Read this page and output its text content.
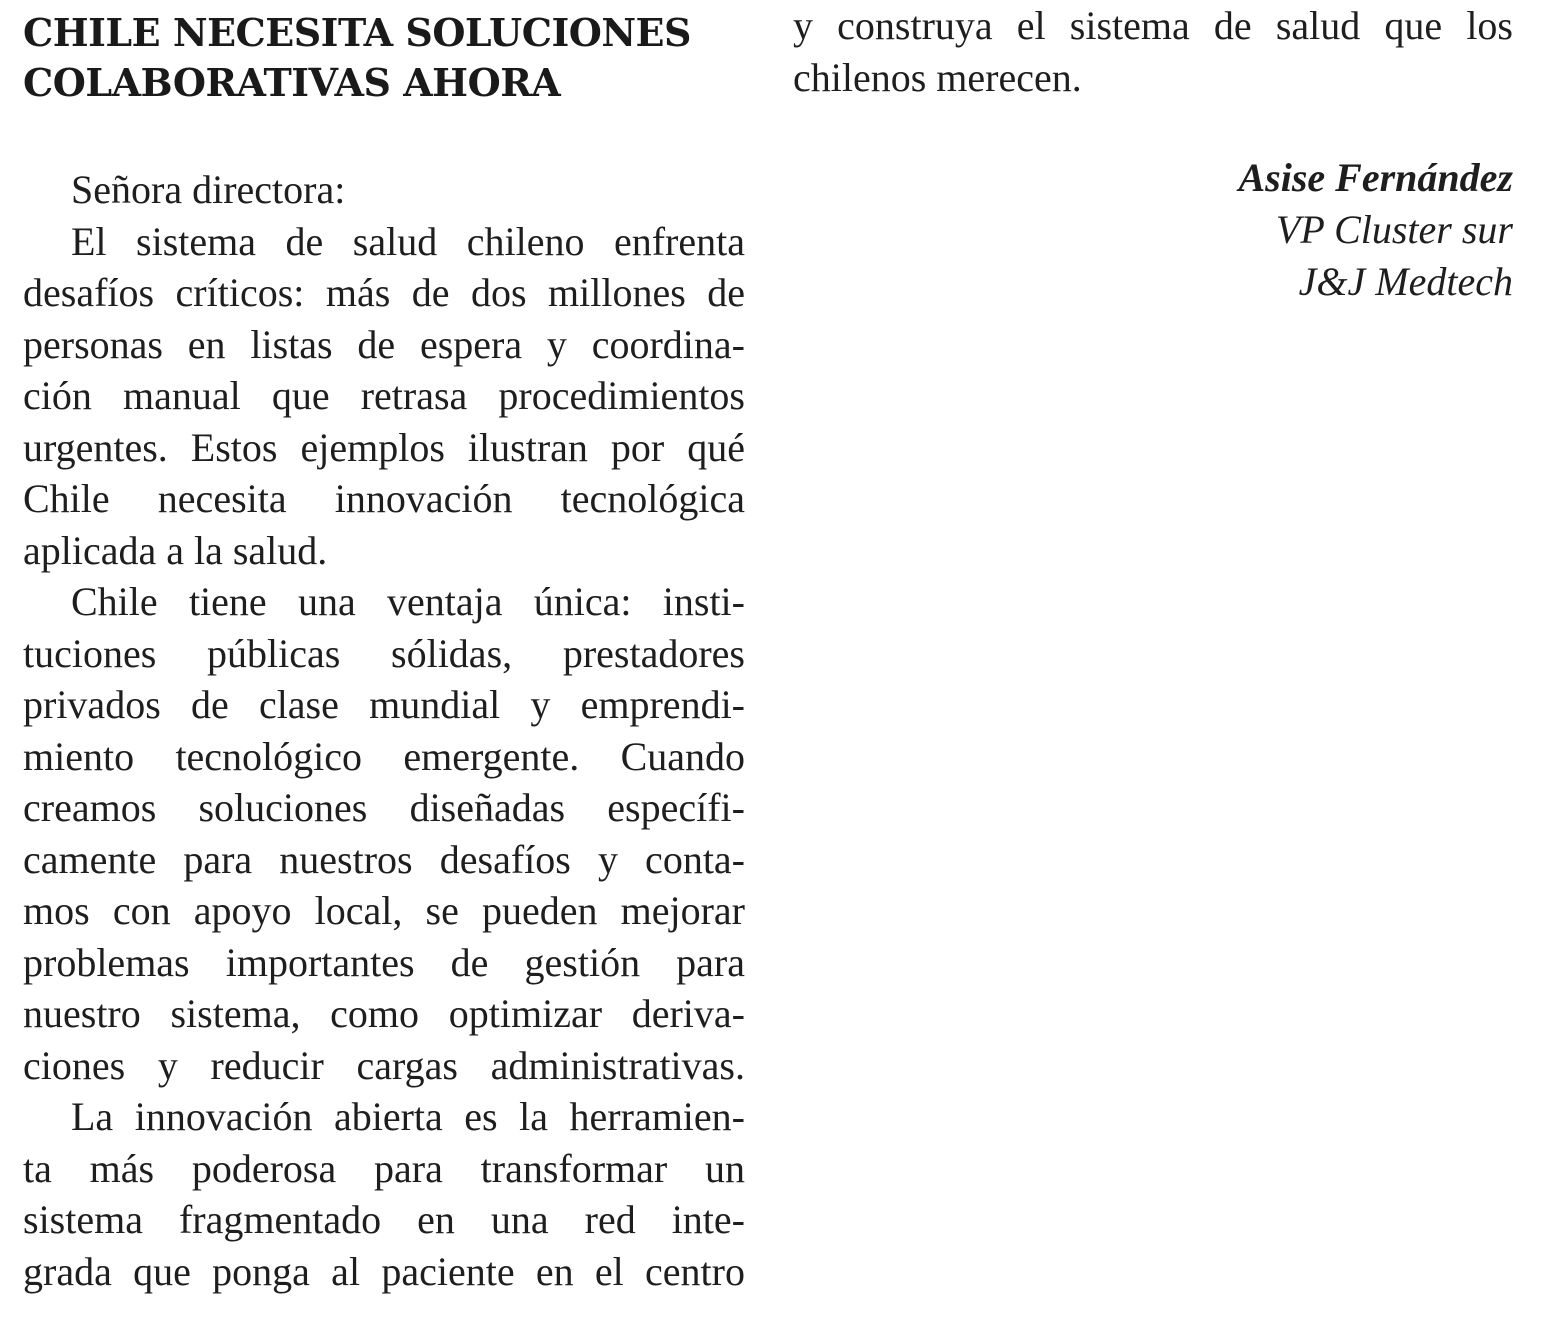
CHILE NECESITA SOLUCIONES
COLABORATIVAS AHORA
Señora directora:
El sistema de salud chileno enfrenta
desafíos críticos: más de dos millones de
personas en listas de espera y coordina-
ción manual que retrasa procedimientos
urgentes. Estos ejemplos ilustran por qué
Chile necesita innovación tecnológica
aplicada a la salud.
Chile tiene una ventaja única: insti-
tuciones públicas sólidas, prestadores
privados de clase mundial y emprendi-
miento tecnológico emergente. Cuando
creamos soluciones diseñadas específi-
camente para nuestros desafíos y conta-
mos con apoyo local, se pueden mejorar
problemas importantes de gestión para
nuestro sistema, como optimizar deriva-
ciones y reducir cargas administrativas.
La innovación abierta es la herramien-
ta más poderosa para transformar un
sistema fragmentado en una red inte-
grada que ponga al paciente en el centro
y construya el sistema de salud que los
chilenos merecen.
Asise Fernández
VP Cluster sur
J&J Medtech
